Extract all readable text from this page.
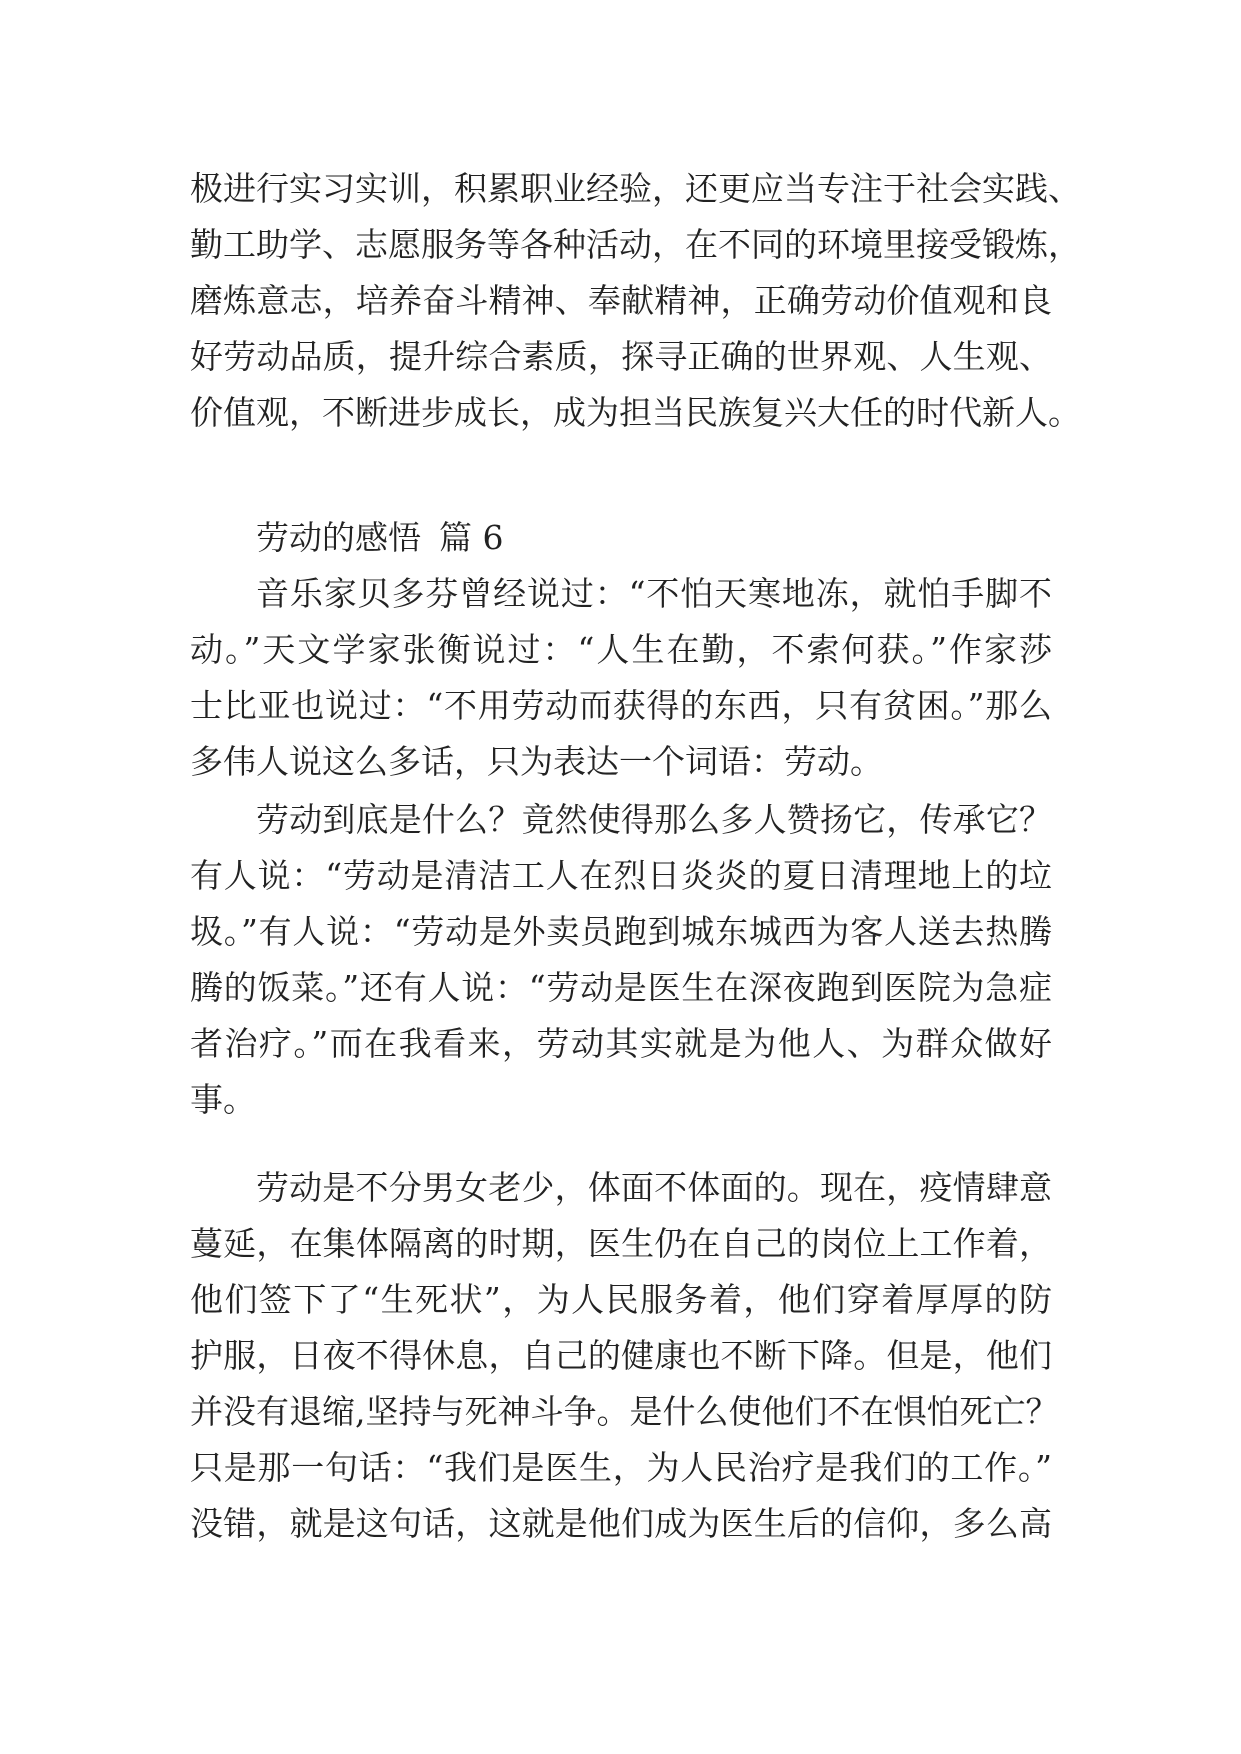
极进行实习实训，积累职业经验，还更应当专注于社会实践、
勤工助学、志愿服务等各种活动，在不同的环境里接受锻炼，
磨炼意志，培养奋斗精神、奉献精神，正确劳动价值观和良
好劳动品质，提升综合素质，探寻正确的世界观、人生观、
价值观，不断进步成长，成为担当民族复兴大任的时代新人。
劳动的感悟 篇 6
音乐家贝多芬曾经说过：“不怕天寒地冻，就怕手脚不
动。”天文学家张衡说过：“人生在勤，不索何获。”作家莎
士比亚也说过：“不用劳动而获得的东西，只有贫困。”那么
多伟人说这么多话，只为表达一个词语：劳动。
劳动到底是什么？竟然使得那么多人赞扬它，传承它？
有人说：“劳动是清洁工人在烈日炎炎的夏日清理地上的垃
圾。”有人说：“劳动是外卖员跑到城东城西为客人送去热腾
腾的饭菜。”还有人说：“劳动是医生在深夜跑到医院为急症
者治疗。”而在我看来，劳动其实就是为他人、为群众做好
事。
劳动是不分男女老少，体面不体面的。现在，疫情肆意
蔓延，在集体隔离的时期，医生仍在自己的岗位上工作着，
他们签下了“生死状”，为人民服务着，他们穿着厚厚的防
护服，日夜不得休息，自己的健康也不断下降。但是，他们
并没有退缩,坚持与死神斗争。是什么使他们不在惧怕死亡？
只是那一句话：“我们是医生，为人民治疗是我们的工作。”
没错，就是这句话，这就是他们成为医生后的信仰，多么高
